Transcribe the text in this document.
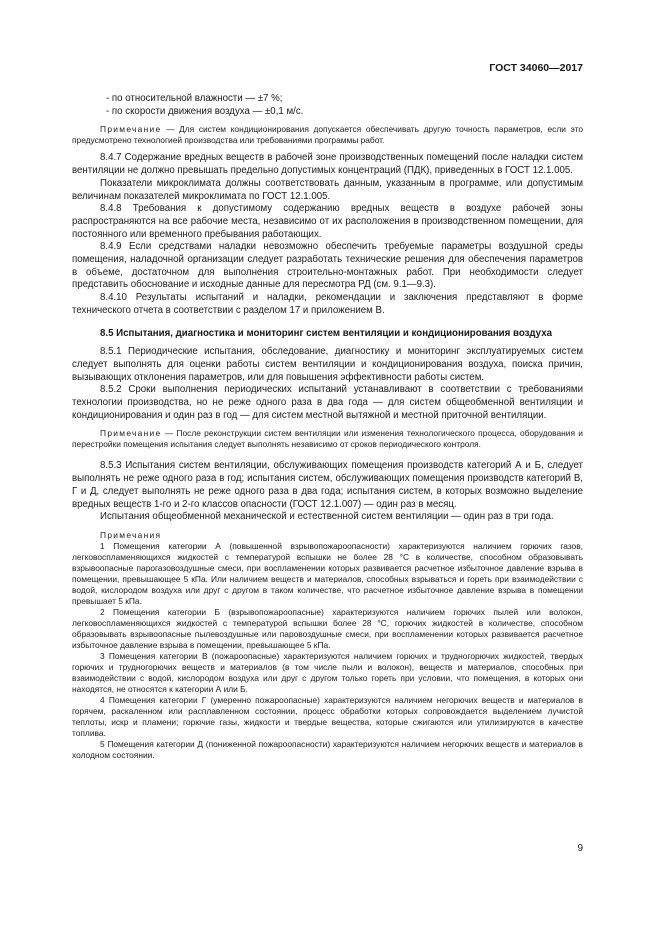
ГОСТ 34060—2017

- по относительной влажности — ±7 %;

- по скорости движения воздуха — ±0,1 м/с.

Примечание — Для систем кондиционирования допускается обеспечивать другую точность параметров, если это предусмотрено технологией производства или требованиями программы работ.

8.4.7 Содержание вредных веществ в рабочей зоне производственных помещений после наладки систем вентиляции не должно превышать предельно допустимых концентраций (ПДК), приведенных в ГОСТ 12.1.005.

Показатели микроклимата должны соответствовать данным, указанным в программе, или допустимым величинам показателей микроклимата по ГОСТ 12.1.005.

8.4.8 Требования к допустимому содержанию вредных веществ в воздухе рабочей зоны распространяются на все рабочие места, независимо от их расположения в производственном помещении, для постоянного или временного пребывания работающих.

8.4.9 Если средствами наладки невозможно обеспечить требуемые параметры воздушной среды помещения, наладочной организации следует разработать технические решения для обеспечения параметров в объеме, достаточном для выполнения строительно-монтажных работ. При необходимости следует представить обоснование и исходные данные для пересмотра РД (см. 9.1—9.3).

8.4.10 Результаты испытаний и наладки, рекомендации и заключения представляют в форме технического отчета в соответствии с разделом 17 и приложением В.

8.5 Испытания, диагностика и мониторинг систем вентиляции и кондиционирования воздуха

8.5.1 Периодические испытания, обследование, диагностику и мониторинг эксплуатируемых систем следует выполнять для оценки работы систем вентиляции и кондиционирования воздуха, поиска причин, вызывающих отклонения параметров, или для повышения эффективности работы систем.

8.5.2 Сроки выполнения периодических испытаний устанавливают в соответствии с требованиями технологии производства, но не реже одного раза в два года — для систем общеобменной вентиляции и кондиционирования и один раз в год — для систем местной вытяжной и местной приточной вентиляции.

Примечание — После реконструкции систем вентиляции или изменения технологического процесса, оборудования и перестройки помещения испытания следует выполнять независимо от сроков периодического контроля.

8.5.3 Испытания систем вентиляции, обслуживающих помещения производств категорий А и Б, следует выполнять не реже одного раза в год; испытания систем, обслуживающих помещения производств категорий В, Г и Д, следует выполнять не реже одного раза в два года; испытания систем, в которых возможно выделение вредных веществ 1-го и 2-го классов опасности (ГОСТ 12.1.007) — один раз в месяц.

Испытания общеобменной механической и естественной систем вентиляции — один раз в три года.

Примечания

1 Помещения категории А (повышенной взрывопожароопасности) характеризуются наличием горючих газов, легковоспламеняющихся жидкостей с температурой вспышки не более 28 °С в количестве, способном образовывать взрывоопасные парогазовоздушные смеси, при воспламенении которых развивается расчетное избыточное давление взрыва в помещении, превышающее 5 кПа. Или наличием веществ и материалов, способных взрываться и гореть при взаимодействии с водой, кислородом воздуха или друг с другом в таком количестве, что расчетное избыточное давление взрыва в помещении превышает 5 кПа.

2 Помещения категории Б (взрывопожароопасные) характеризуются наличием горючих пылей или волокон, легковоспламеняющихся жидкостей с температурой вспышки более 28 °С, горючих жидкостей в количестве, способном образовывать взрывоопасные пылевоздушные или паровоздушные смеси, при воспламенении которых развивается расчетное избыточное давление взрыва в помещении, превышающее 5 кПа.

3 Помещения категории В (пожароопасные) характеризуются наличием горючих и трудногорючих жидкостей, твердых горючих и трудногорючих веществ и материалов (в том числе пыли и волокон), веществ и материалов, способных при взаимодействии с водой, кислородом воздуха или друг с другом только гореть при условии, что помещения, в которых они находятся, не относятся к категории А или Б.

4 Помещения категории Г (умеренно пожароопасные) характеризуются наличием негорючих веществ и материалов в горячем, раскаленном или расплавленном состоянии, процесс обработки которых сопровождается выделением лучистой теплоты, искр и пламени; горючие газы, жидкости и твердые вещества, которые сжигаются или утилизируются в качестве топлива.

5 Помещения категории Д (пониженной пожароопасности) характеризуются наличием негорючих веществ и материалов в холодном состоянии.

9
